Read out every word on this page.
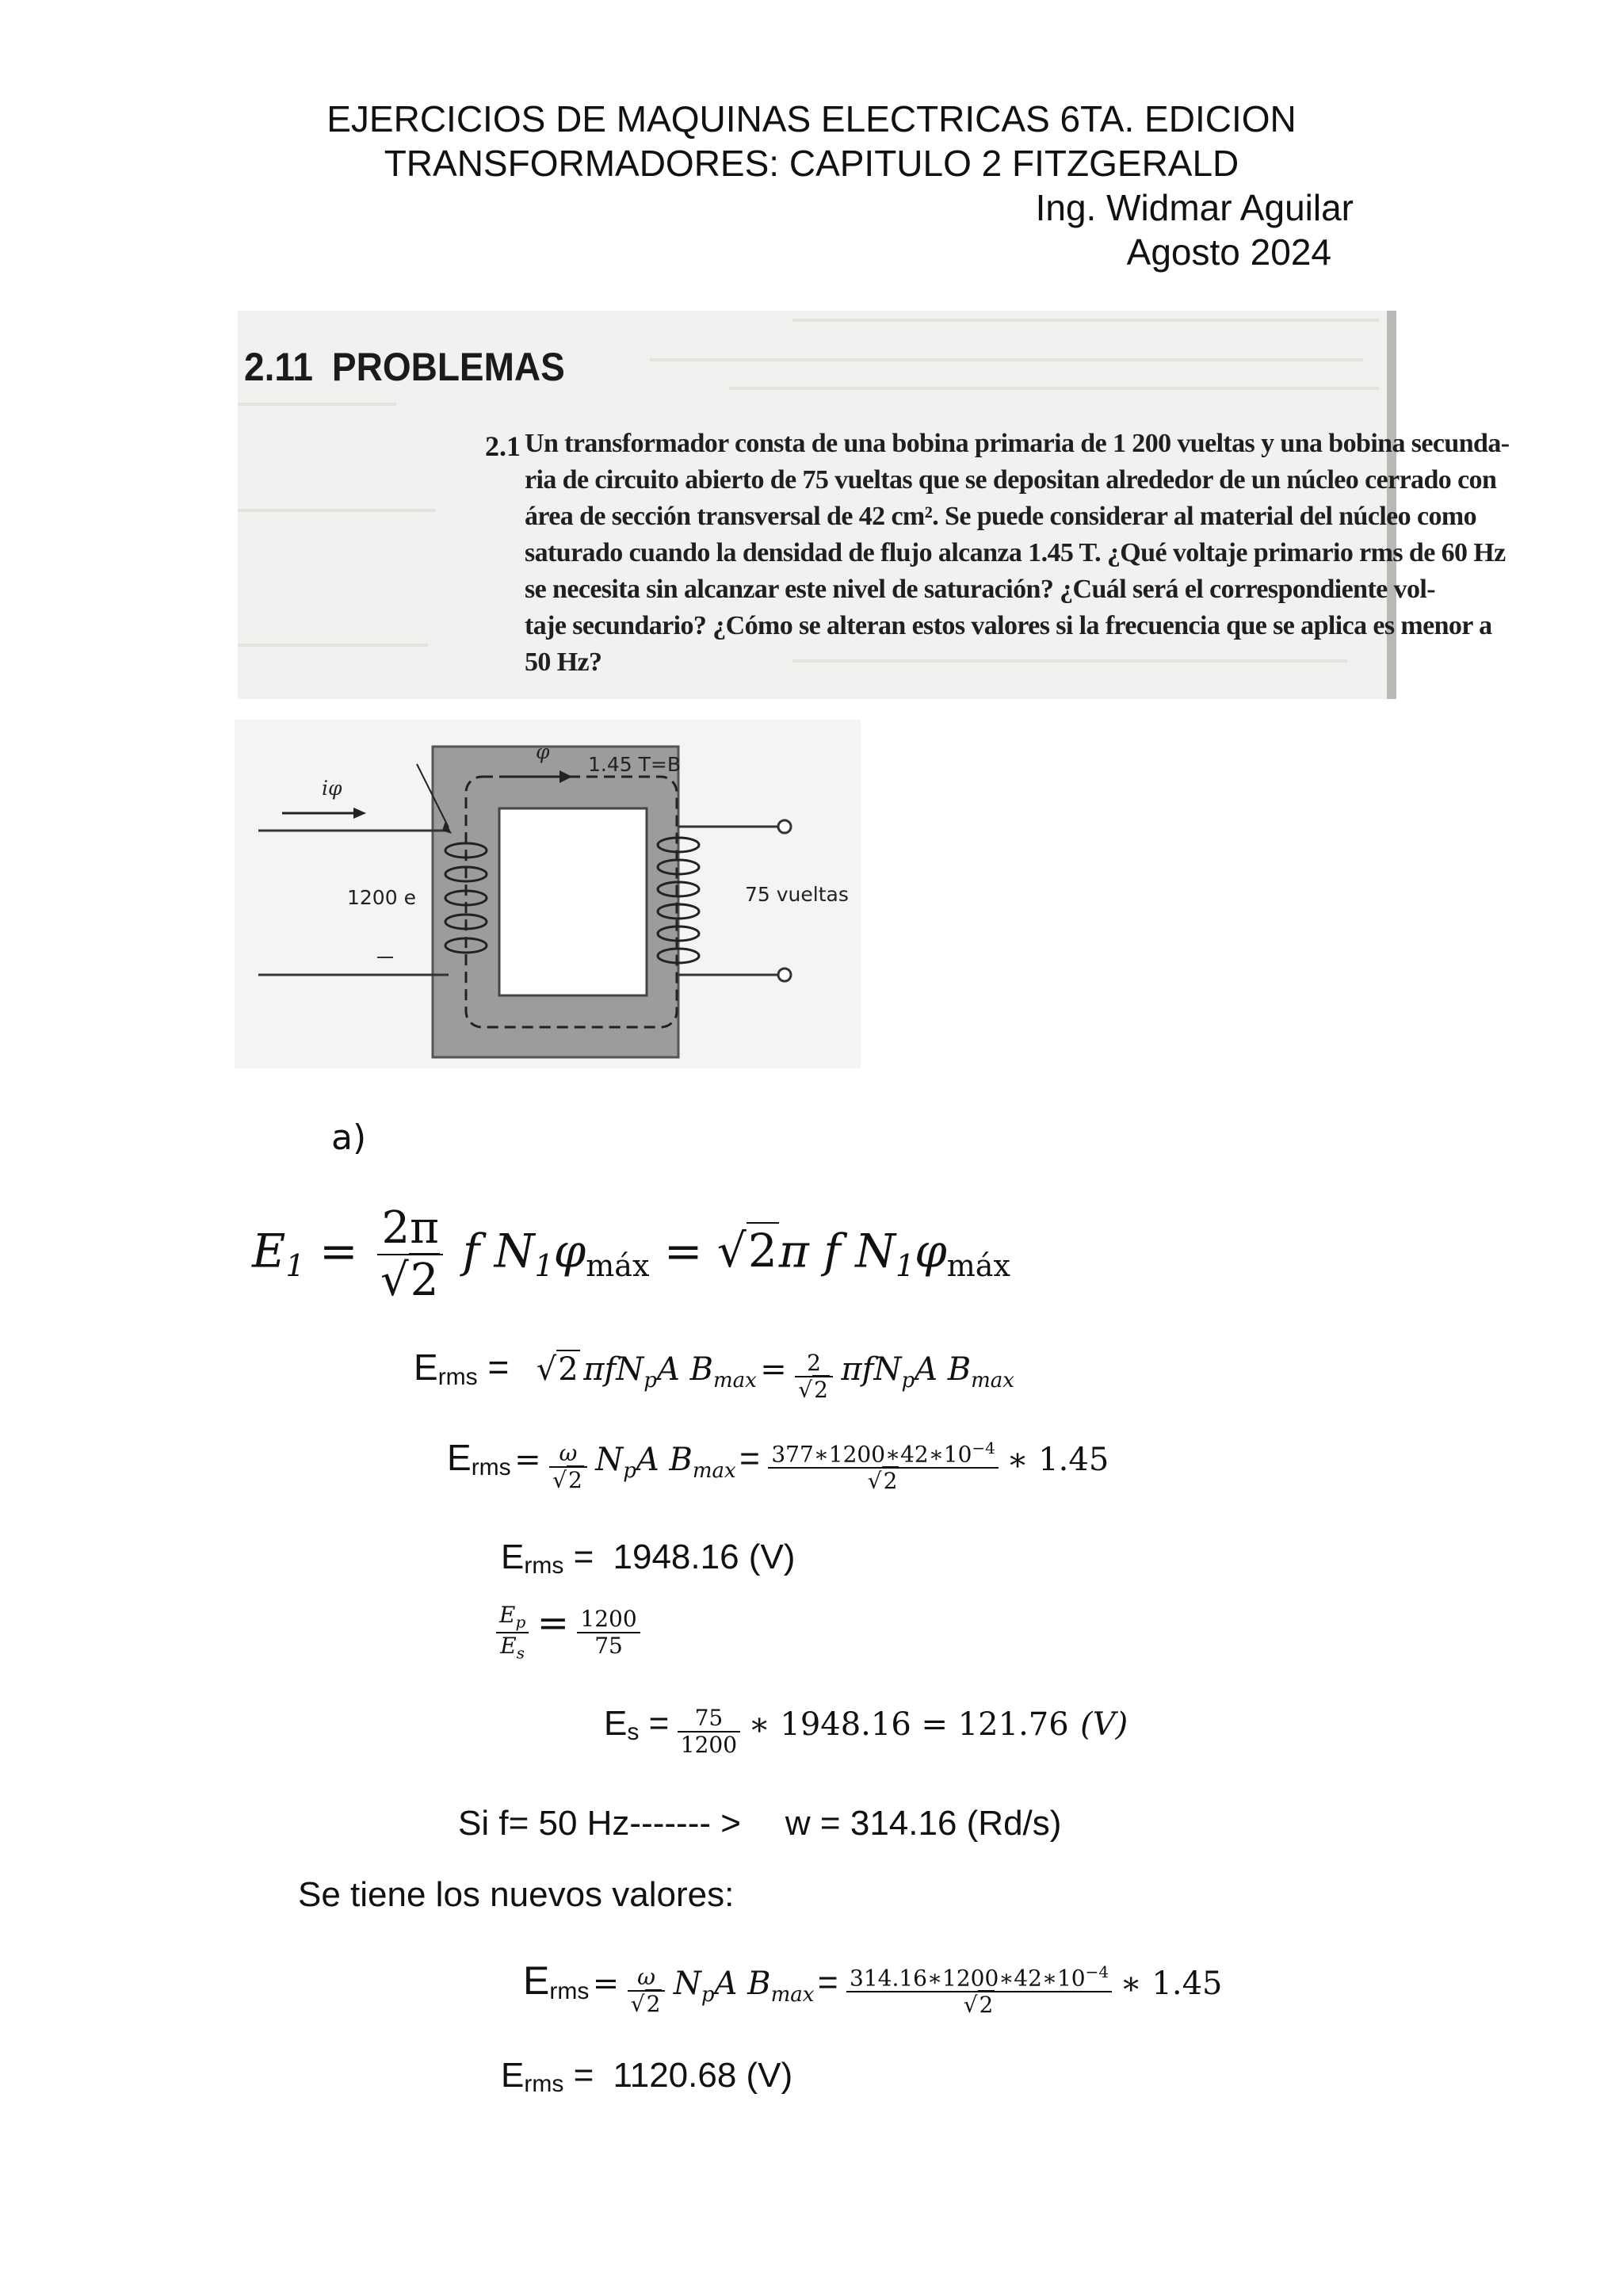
EJERCICIOS DE MAQUINAS ELECTRICAS 6TA. EDICION
TRANSFORMADORES: CAPITULO 2 FITZGERALD
Ing. Widmar Aguilar
Agosto 2024
2.11 PROBLEMAS
2.1 Un transformador consta de una bobina primaria de 1 200 vueltas y una bobina secunda-
ria de circuito abierto de 75 vueltas que se depositan alrededor de un núcleo cerrado con
área de sección transversal de 42 cm². Se puede considerar al material del núcleo como
saturado cuando la densidad de flujo alcanza 1.45 T. ¿Qué voltaje primario rms de 60 Hz
se necesita sin alcanzar este nivel de saturación? ¿Cuál será el correspondiente vol-
taje secundario? ¿Cómo se alteran estos valores si la frecuencia que se aplica es menor a
50 Hz?
iφ
φ
1.45 T=B
1200 e	75 vueltas
a)
$E_1 = \frac{2\pi}{√2}$ f $N_1\varphi_{máx} = √2\pi$ f $N_1\varphi_{máx}$
Erms = √2 πfN$_p$A $B_{max} = \frac{2}{√2} \pi fN_pA$ $B_{max}$
Erms = $\frac{\omega}{√2} N_pA$ $B_{max} = \frac{377∗1200∗42∗10^{-4}}{√2}$ ∗ 1.45
Erms = 1948.16 (V)
$\frac{E_p}{E_s} = \frac{1200}{75}$
$Es = \frac{75}{1200}$ ∗ 1948.16 = 121.76 (V)
Si f= 50 Hz------- > w = 314.16 (Rd/s)
Se tiene los nuevos valores:
Erms = $\frac{\omega}{√2} N_pA$ $B_{max} = \frac{314.16∗1200∗42∗10^{-4}}{√2}$ ∗ 1.45
Erms = 1120.68 (V)
